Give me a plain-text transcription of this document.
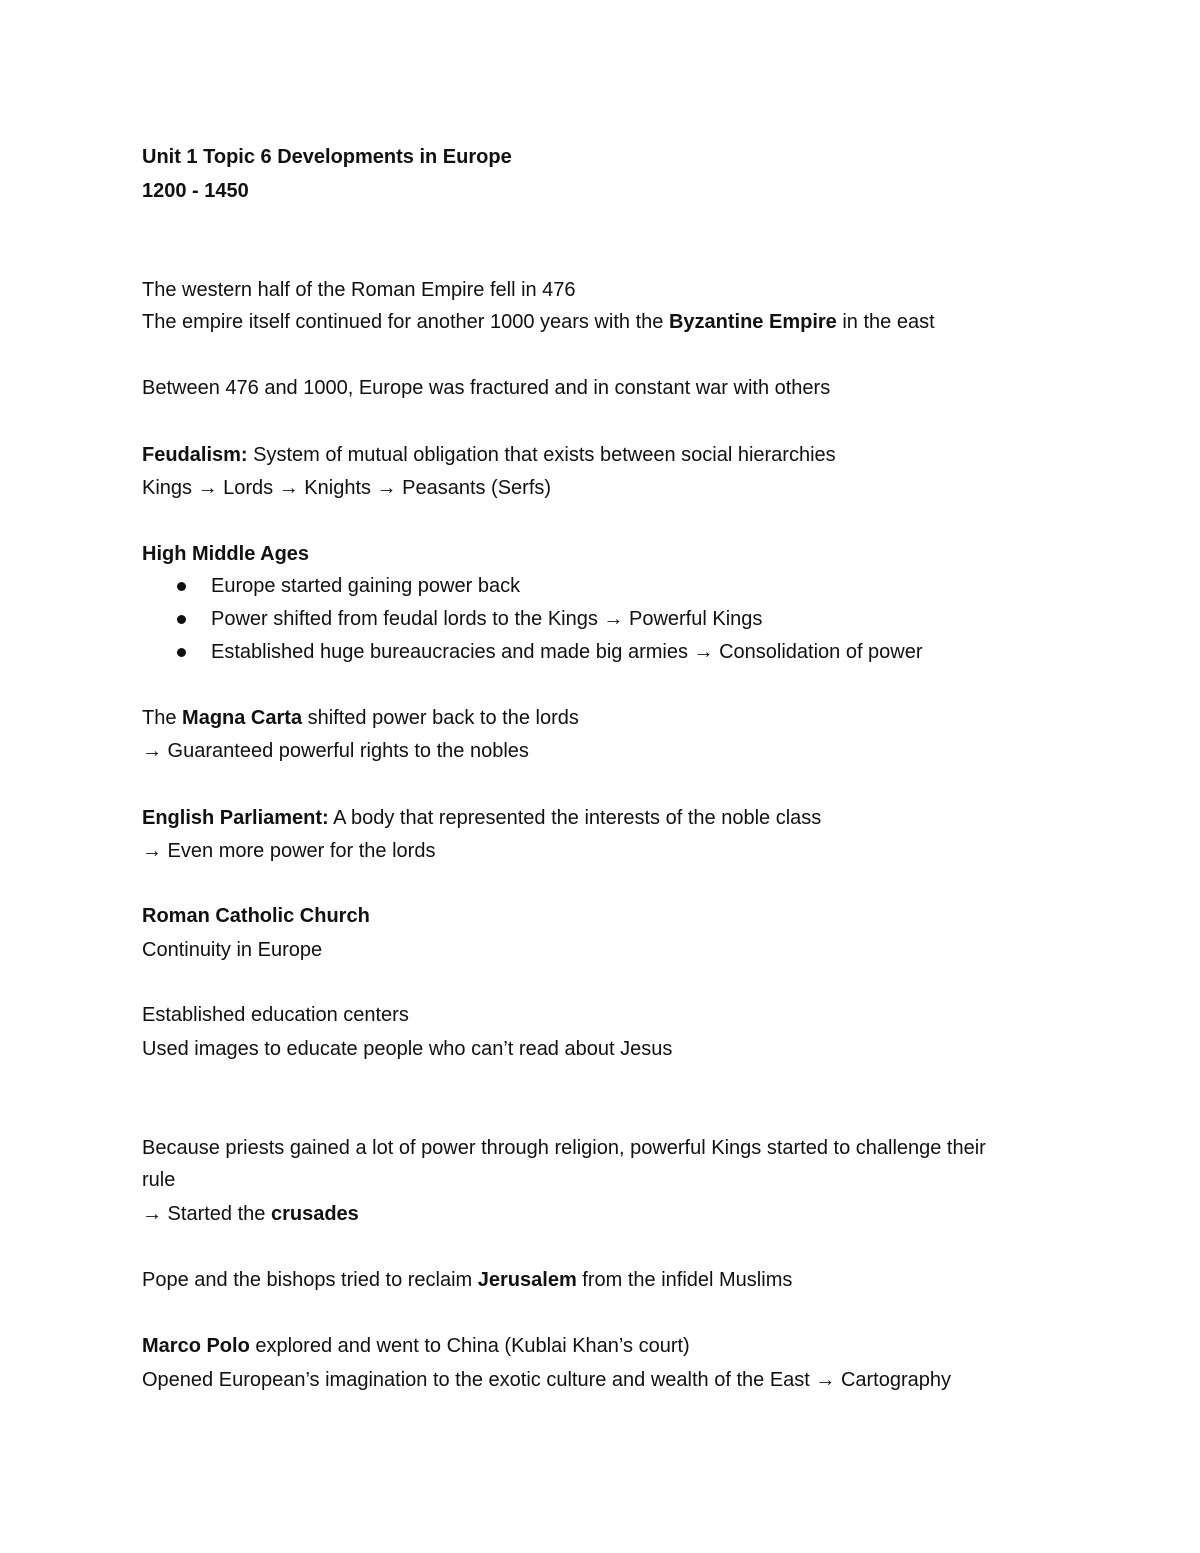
Unit 1 Topic 6 Developments in Europe
1200 - 1450
The western half of the Roman Empire fell in 476
The empire itself continued for another 1000 years with the Byzantine Empire in the east
Between 476 and 1000, Europe was fractured and in constant war with others
Feudalism: System of mutual obligation that exists between social hierarchies
Kings → Lords → Knights → Peasants (Serfs)
High Middle Ages
Europe started gaining power back
Power shifted from feudal lords to the Kings → Powerful Kings
Established huge bureaucracies and made big armies → Consolidation of power
The Magna Carta shifted power back to the lords
→ Guaranteed powerful rights to the nobles
English Parliament: A body that represented the interests of the noble class
→ Even more power for the lords
Roman Catholic Church
Continuity in Europe
Established education centers
Used images to educate people who can’t read about Jesus
Because priests gained a lot of power through religion, powerful Kings started to challenge their
rule
→ Started the crusades
Pope and the bishops tried to reclaim Jerusalem from the infidel Muslims
Marco Polo explored and went to China (Kublai Khan’s court)
Opened European’s imagination to the exotic culture and wealth of the East → Cartography
